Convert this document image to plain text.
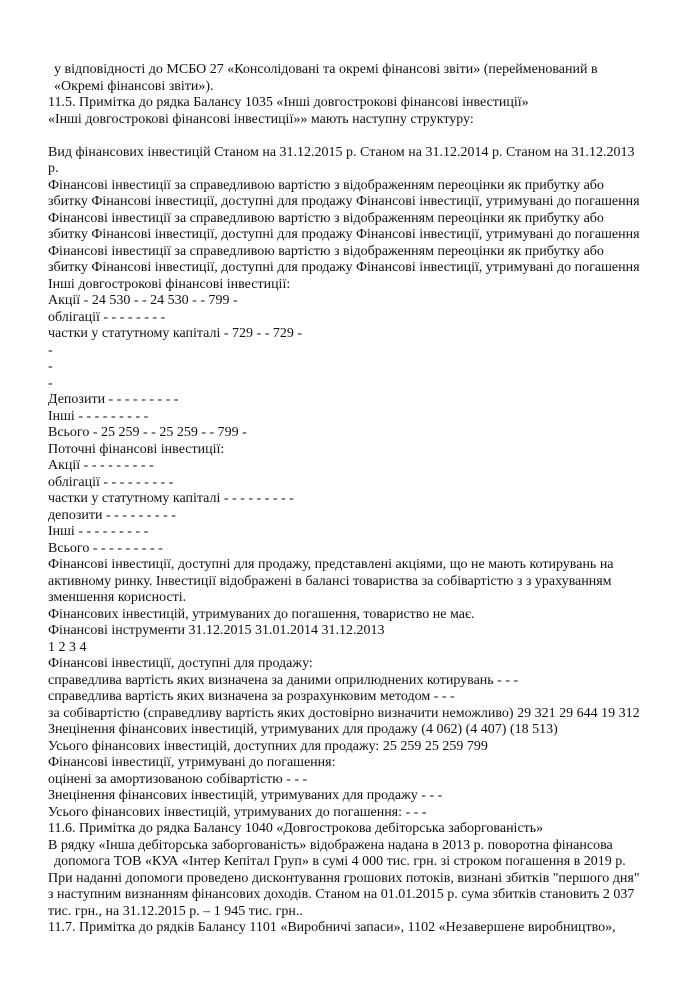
у відповідності до МСБО 27 «Консолідовані та окремі фінансові звіти» (перейменований в
«Окремі фінансові звіти»).
11.5. Примітка до рядка Балансу 1035 «Інші довгострокові фінансові інвестиції»
«Інші довгострокові фінансові інвестиції»» мають наступну структуру:
Вид фінансових інвестицій Станом на 31.12.2015 р. Станом на 31.12.2014 р. Станом на 31.12.2013
р.
Фінансові інвестиції за справедливою вартістю з відображенням переоцінки як прибутку або
збитку Фінансові інвестиції, доступні для продажу Фінансові інвестиції, утримувані до погашення
Фінансові інвестиції за справедливою вартістю з відображенням переоцінки як прибутку або
збитку Фінансові інвестиції, доступні для продажу Фінансові інвестиції, утримувані до погашення
Фінансові інвестиції за справедливою вартістю з відображенням переоцінки як прибутку або
збитку Фінансові інвестиції, доступні для продажу Фінансові інвестиції, утримувані до погашення
Інші довгострокові фінансові інвестиції:
Акції - 24 530 - - 24 530 - - 799 -
облігації - - - - - - - -
частки у статутному капіталі - 729 - - 729 -
-
-
-
Депозити - - - - - - - - -
Інші - - - - - - - - -
Всього - 25 259 - - 25 259 - - 799 -
Поточні фінансові інвестиції:
Акції - - - - - - - - -
облігації - - - - - - - - -
частки у статутному капіталі - - - - - - - - -
депозити - - - - - - - - -
Інші - - - - - - - - -
Всього - - - - - - - - -
Фінансові інвестиції, доступні для продажу, представлені акціями, що не мають котирувань на
активному ринку. Інвестиції відображені в балансі товариства за собівартістю з з урахуванням
зменшення корисності.
Фінансових інвестицій, утримуваних до погашення, товариство не має.
Фінансові інструменти 31.12.2015 31.01.2014 31.12.2013
1 2 3 4
Фінансові інвестиції, доступні для продажу:
справедлива вартість яких визначена за даними оприлюднених котирувань - - -
справедлива вартість яких визначена за розрахунковим методом - - -
за собівартістю (справедливу вартість яких достовірно визначити неможливо) 29 321 29 644 19 312
Знецінення фінансових інвестицій, утримуваних для продажу (4 062) (4 407) (18 513)
Усього фінансових інвестицій, доступних для продажу: 25 259 25 259 799
Фінансові інвестиції, утримувані до погашення:
оцінені за амортизованою собівартістю - - -
Знецінення фінансових інвестицій, утримуваних для продажу - - -
Усього фінансових інвестицій, утримуваних до погашення: - - -
11.6. Примітка до рядка Балансу 1040 «Довгострокова дебіторська заборгованість»
В рядку «Інша дебіторська заборгованість» відображена надана в 2013 р. поворотна фінансова
допомога ТОВ «КУА «Інтер Кепітал Груп» в сумі 4 000 тис. грн. зі строком погашення в 2019 р.
При наданні допомоги проведено дисконтування грошових потоків, визнані збитків "першого дня"
з наступним визнанням фінансових доходів. Станом на 01.01.2015 р. сума збитків становить 2 037
тис. грн., на 31.12.2015 р. – 1 945 тис. грн..
11.7. Примітка до рядків Балансу 1101 «Виробничі запаси», 1102 «Незавершене виробництво»,
